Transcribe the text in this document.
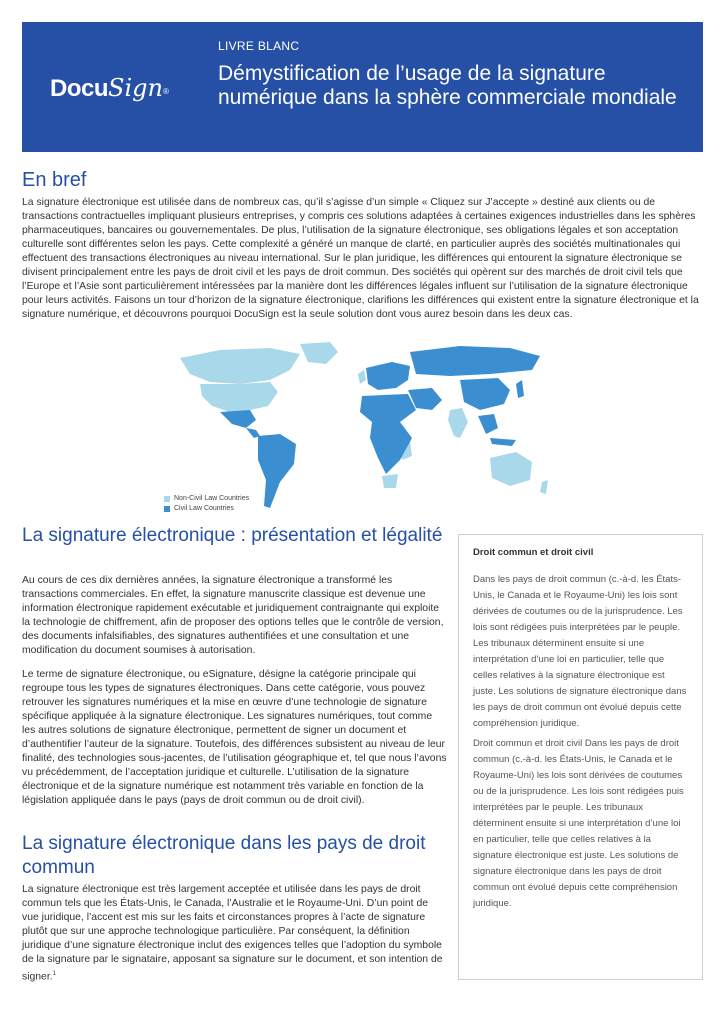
DocuSign®
LIVRE BLANC
Démystification de l’usage de la signature numérique dans la sphère commerciale mondiale
En bref

La signature électronique est utilisée dans de nombreux cas, qu’il s’agisse d’un simple « Cliquez sur J’accepte » destiné aux clients ou de transactions contractuelles impliquant plusieurs entreprises, y compris ces solutions adaptées à certaines exigences industrielles dans les sphères pharmaceutiques, bancaires ou gouvernementales. De plus, l’utilisation de la signature électronique, ses obligations légales et son acceptation culturelle sont différentes selon les pays. Cette complexité a généré un manque de clarté, en particulier auprès des sociétés multinationales qui effectuent des transactions électroniques au niveau international. Sur le plan juridique, les différences qui entourent la signature électronique se divisent principalement entre les pays de droit civil et les pays de droit commun. Des sociétés qui opèrent sur des marchés de droit civil tels que l’Europe et l’Asie sont particulièrement intéressées par la manière dont les différences légales influent sur l’utilisation de la signature électronique pour leurs activités. Faisons un tour d’horizon de la signature électronique, clarifions les différences qui existent entre la signature électronique et la signature numérique, et découvrons pourquoi DocuSign est la seule solution dont vous aurez besoin dans les deux cas.

Non-Civil Law Countries
Civil Law Countries
La signature électronique : présentation et légalité

Au cours de ces dix dernières années, la signature électronique a transformé les transactions commerciales. En effet, la signature manuscrite classique est devenue une information électronique rapidement exécutable et juridiquement contraignante qui exploite la technologie de chiffrement, afin de proposer des options telles que le contrôle de version, des documents infalsifiables, des signatures authentifiées et une consultation et une modification du document soumises à autorisation.

Le terme de signature électronique, ou eSignature, désigne la catégorie principale qui regroupe tous les types de signatures électroniques. Dans cette catégorie, vous pouvez retrouver les signatures numériques et la mise en œuvre d’une technologie de signature spécifique appliquée à la signature électronique. Les signatures numériques, tout comme les autres solutions de signature électronique, permettent de signer un document et d’authentifier l’auteur de la signature. Toutefois, des différences subsistent au niveau de leur finalité, des technologies sous-jacentes, de l’utilisation géographique et, tel que nous l’avons vu précédemment, de l’acceptation juridique et culturelle. L’utilisation de la signature électronique et de la signature numérique est notamment très variable en fonction de la législation appliquée dans le pays (pays de droit commun ou de droit civil).

La signature électronique dans les pays de droit commun

La signature électronique est très largement acceptée et utilisée dans les pays de droit commun tels que les États-Unis, le Canada, l’Australie et le Royaume-Uni. D’un point de vue juridique, l’accent est mis sur les faits et circonstances propres à l’acte de signature plutôt que sur une approche technologique particulière. Par conséquent, la définition juridique d’une signature électronique inclut des exigences telles que l’adoption du symbole de la signature par le signataire, apposant sa signature sur le document, et son intention de signer.$^1$

Droit commun et droit civil

Dans les pays de droit commun (c.-à-d. les États-Unis, le Canada et le Royaume-Uni) les lois sont dérivées de coutumes ou de la jurisprudence. Les lois sont rédigées puis interprétées par le peuple. Les tribunaux déterminent ensuite si une interprétation d’une loi en particulier, telle que celles relatives à la signature électronique est juste. Les solutions de signature électronique dans les pays de droit commun ont évolué depuis cette compréhension juridique.

Droit commun et droit civil Dans les pays de droit commun (c.-à-d. les États-Unis, le Canada et le Royaume-Uni) les lois sont dérivées de coutumes ou de la jurisprudence. Les lois sont rédigées puis interprétées par le peuple. Les tribunaux déterminent ensuite si une interprétation d’une loi en particulier, telle que celles relatives à la signature électronique est juste. Les solutions de signature électronique dans les pays de droit commun ont évolué depuis cette compréhension juridique.
